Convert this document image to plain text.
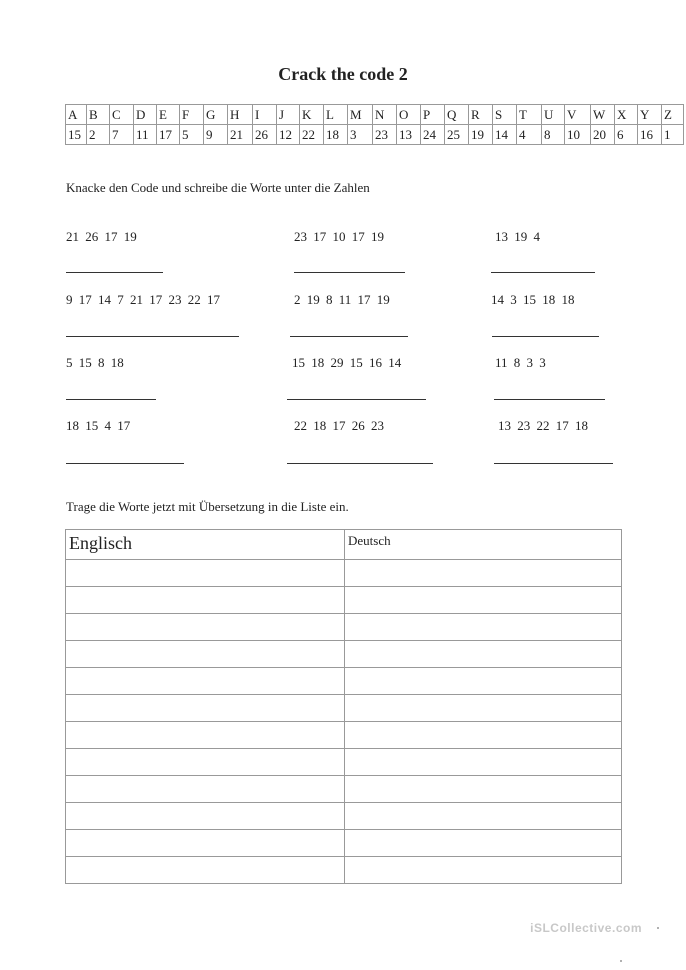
Crack the code 2
A	B	C	D	E	F	G	H	I	J	K	L	M	N	O	P	Q	R	S	T	U	V	W	X	Y	Z
15	2	7	11	17	5	9	21	26	12	22	18	3	23	13	24	25	19	14	4	8	10	20	6	16	1
Knacke den Code und schreibe die Worte unter die Zahlen
21 26 17 19	23 17 10 17 19	13 19 4
9 17 14 7 21 17 23 22 17	2 19 8 11 17 19	14 3 15 18 18
5 15 8 18	15 18 29 15 16 14	11 8 3 3
18 15 4 17	22 18 17 26 23	13 23 22 17 18
Trage die Worte jetzt mit Übersetzung in die Liste ein.
Englisch	Deutsch

iSLCollective.com
